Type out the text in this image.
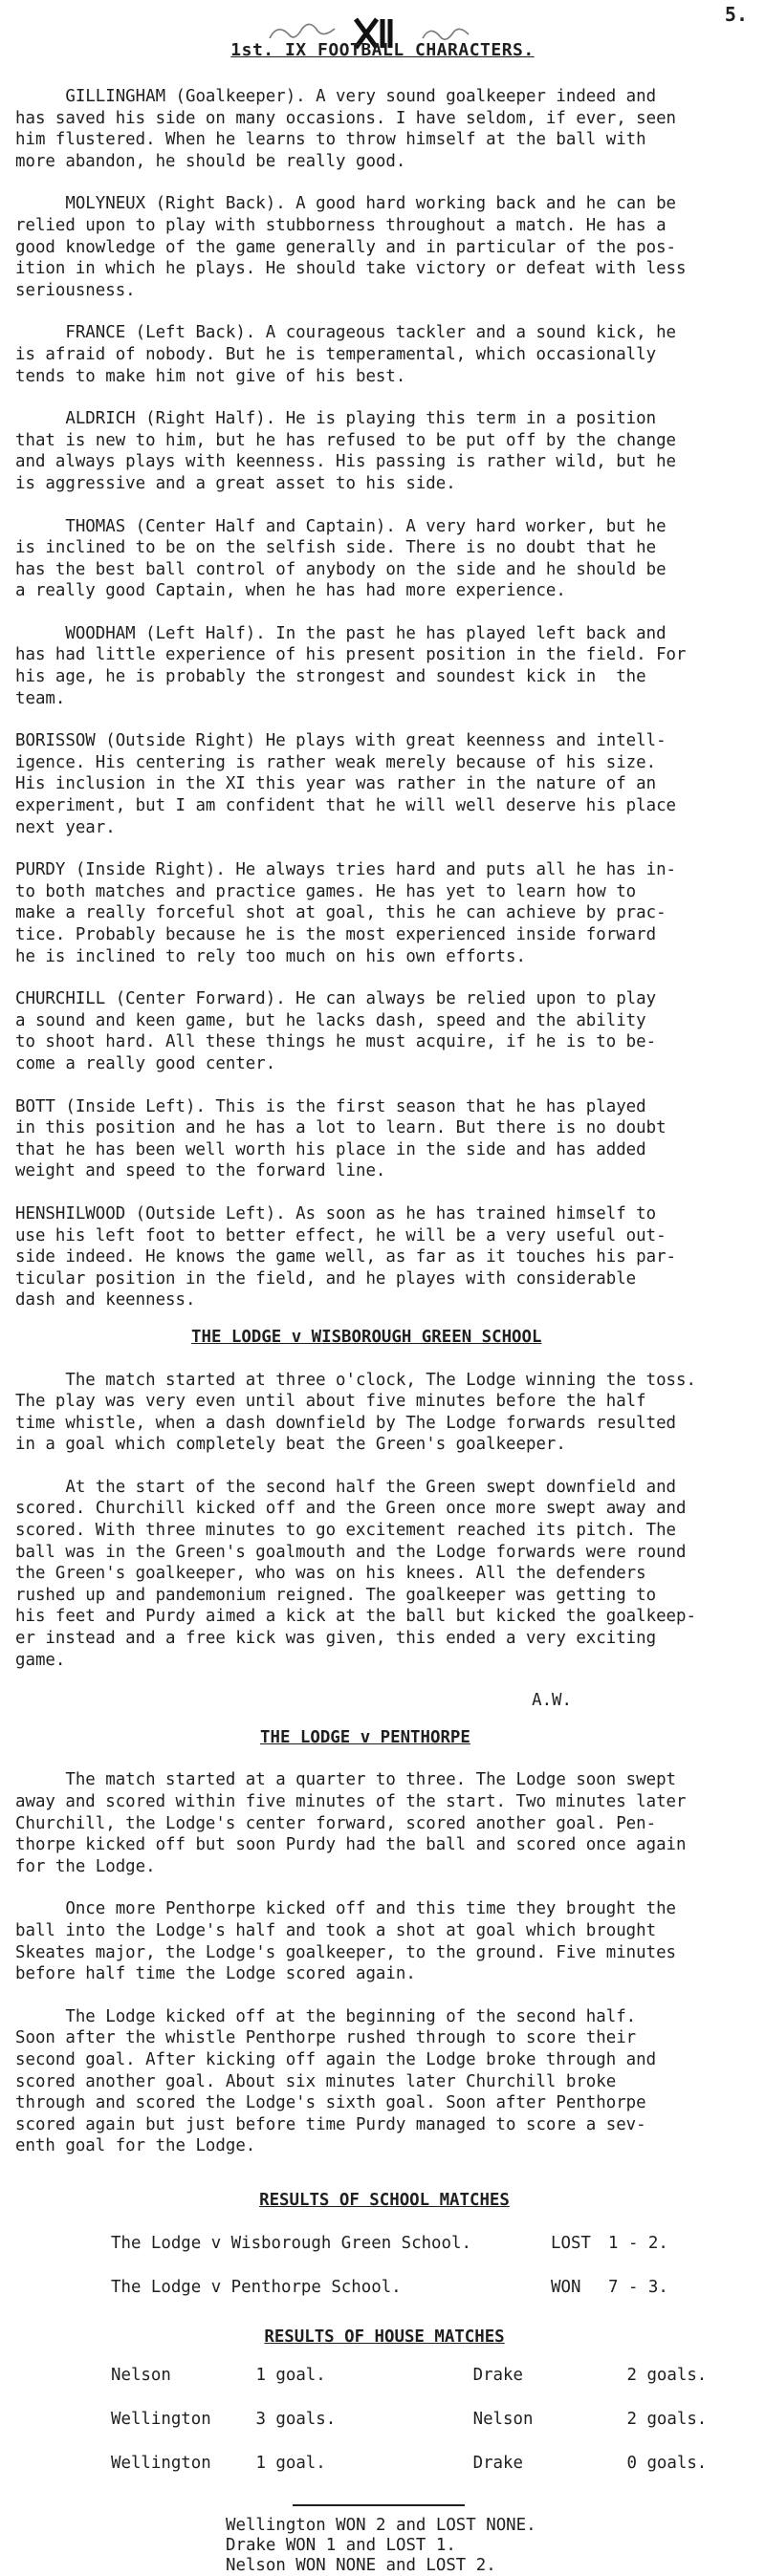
5.
1st. IX FOOTBALL CHARACTERS.

GILLINGHAM (Goalkeeper). A very sound goalkeeper indeed and

has saved his side on many occasions. I have seldom, if ever, seen

him flustered. When he learns to throw himself at the ball with

more abandon, he should be really good.

MOLYNEUX (Right Back). A good hard working back and he can be

relied upon to play with stubborness throughout a match. He has a

good knowledge of the game generally and in particular of the pos-

ition in which he plays. He should take victory or defeat with less

seriousness.

FRANCE (Left Back). A courageous tackler and a sound kick, he

is afraid of nobody. But he is temperamental, which occasionally

tends to make him not give of his best.

ALDRICH (Right Half). He is playing this term in a position

that is new to him, but he has refused to be put off by the change

and always plays with keenness. His passing is rather wild, but he

is aggressive and a great asset to his side.

THOMAS (Center Half and Captain). A very hard worker, but he

is inclined to be on the selfish side. There is no doubt that he

has the best ball control of anybody on the side and he should be

a really good Captain, when he has had more experience.

WOODHAM (Left Half). In the past he has played left back and

has had little experience of his present position in the field. For

his age, he is probably the strongest and soundest kick in  the

team.

BORISSOW (Outside Right) He plays with great keenness and intell-

igence. His centering is rather weak merely because of his size.

His inclusion in the XI this year was rather in the nature of an

experiment, but I am confident that he will well deserve his place

next year.

PURDY (Inside Right). He always tries hard and puts all he has in-

to both matches and practice games. He has yet to learn how to

make a really forceful shot at goal, this he can achieve by prac-

tice. Probably because he is the most experienced inside forward

he is inclined to rely too much on his own efforts.

CHURCHILL (Center Forward). He can always be relied upon to play

a sound and keen game, but he lacks dash, speed and the ability

to shoot hard. All these things he must acquire, if he is to be-

come a really good center.

BOTT (Inside Left). This is the first season that he has played

in this position and he has a lot to learn. But there is no doubt

that he has been well worth his place in the side and has added

weight and speed to the forward line.

HENSHILWOOD (Outside Left). As soon as he has trained himself to

use his left foot to better effect, he will be a very useful out-

side indeed. He knows the game well, as far as it touches his par-

ticular position in the field, and he playes with considerable

dash and keenness.

THE LODGE v WISBOROUGH GREEN SCHOOL

The match started at three o'clock, The Lodge winning the toss.

The play was very even until about five minutes before the half

time whistle, when a dash downfield by The Lodge forwards resulted

in a goal which completely beat the Green's goalkeeper.

At the start of the second half the Green swept downfield and

scored. Churchill kicked off and the Green once more swept away and

scored. With three minutes to go excitement reached its pitch. The

ball was in the Green's goalmouth and the Lodge forwards were round

the Green's goalkeeper, who was on his knees. All the defenders

rushed up and pandemonium reigned. The goalkeeper was getting to

his feet and Purdy aimed a kick at the ball but kicked the goalkeep-

er instead and a free kick was given, this ended a very exciting

game.

A.W.

THE LODGE v PENTHORPE

The match started at a quarter to three. The Lodge soon swept

away and scored within five minutes of the start. Two minutes later

Churchill, the Lodge's center forward, scored another goal. Pen-

thorpe kicked off but soon Purdy had the ball and scored once again

for the Lodge.

Once more Penthorpe kicked off and this time they brought the

ball into the Lodge's half and took a shot at goal which brought

Skeates major, the Lodge's goalkeeper, to the ground. Five minutes

before half time the Lodge scored again.

The Lodge kicked off at the beginning of the second half.

Soon after the whistle Penthorpe rushed through to score their

second goal. After kicking off again the Lodge broke through and

scored another goal. About six minutes later Churchill broke

through and scored the Lodge's sixth goal. Soon after Penthorpe

scored again but just before time Purdy managed to score a sev-

enth goal for the Lodge.

RESULTS OF SCHOOL MATCHES

The Lodge v Wisborough Green School.	LOST	1 - 2.
The Lodge v Penthorpe School.	WON	7 - 3.

RESULTS OF HOUSE MATCHES

Nelson	1 goal.	Drake	2 goals.
Wellington	3 goals.	Nelson	2 goals.
Wellington	1 goal.	Drake	0 goals.

Wellington WON 2 and LOST NONE.

Drake WON 1 and LOST 1.

Nelson WON NONE and LOST 2.
